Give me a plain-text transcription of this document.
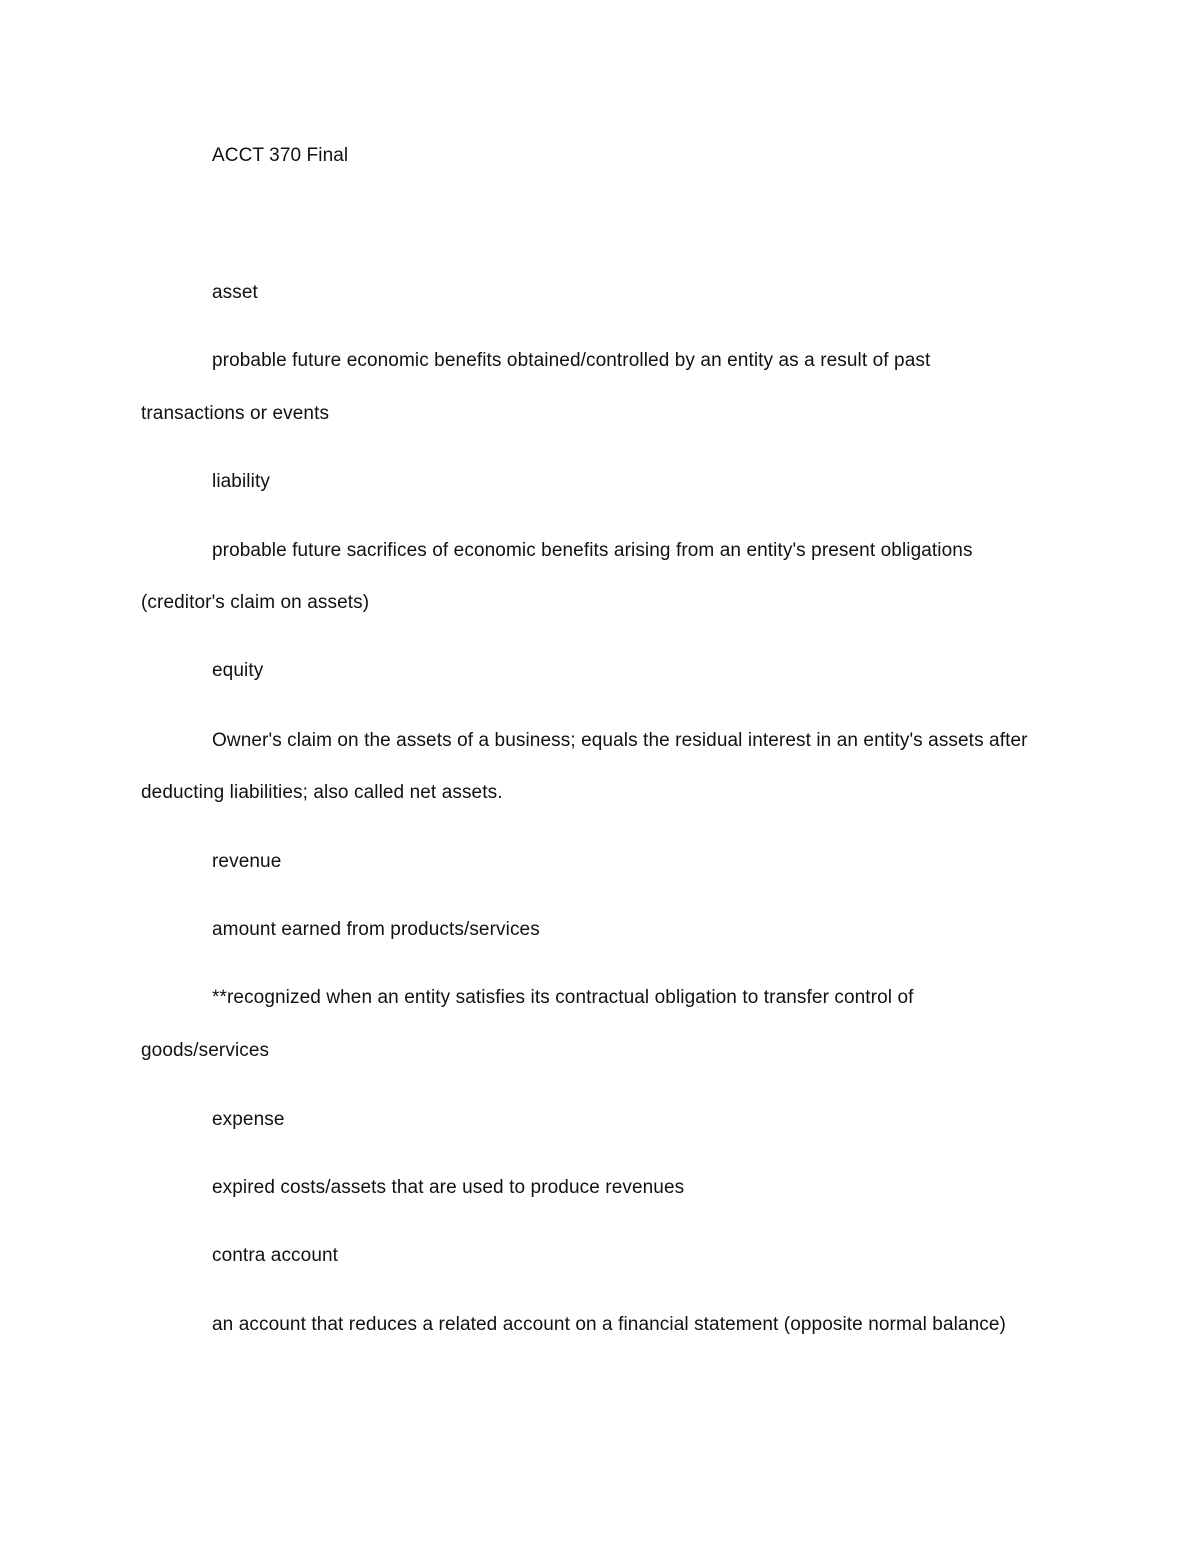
ACCT 370 Final
asset
probable future economic benefits obtained/controlled by an entity as a result of past
transactions or events
liability
probable future sacrifices of economic benefits arising from an entity's present obligations
(creditor's claim on assets)
equity
Owner's claim on the assets of a business; equals the residual interest in an entity's assets after
deducting liabilities; also called net assets.
revenue
amount earned from products/services
**recognized when an entity satisfies its contractual obligation to transfer control of
goods/services
expense
expired costs/assets that are used to produce revenues
contra account
an account that reduces a related account on a financial statement (opposite normal balance)
